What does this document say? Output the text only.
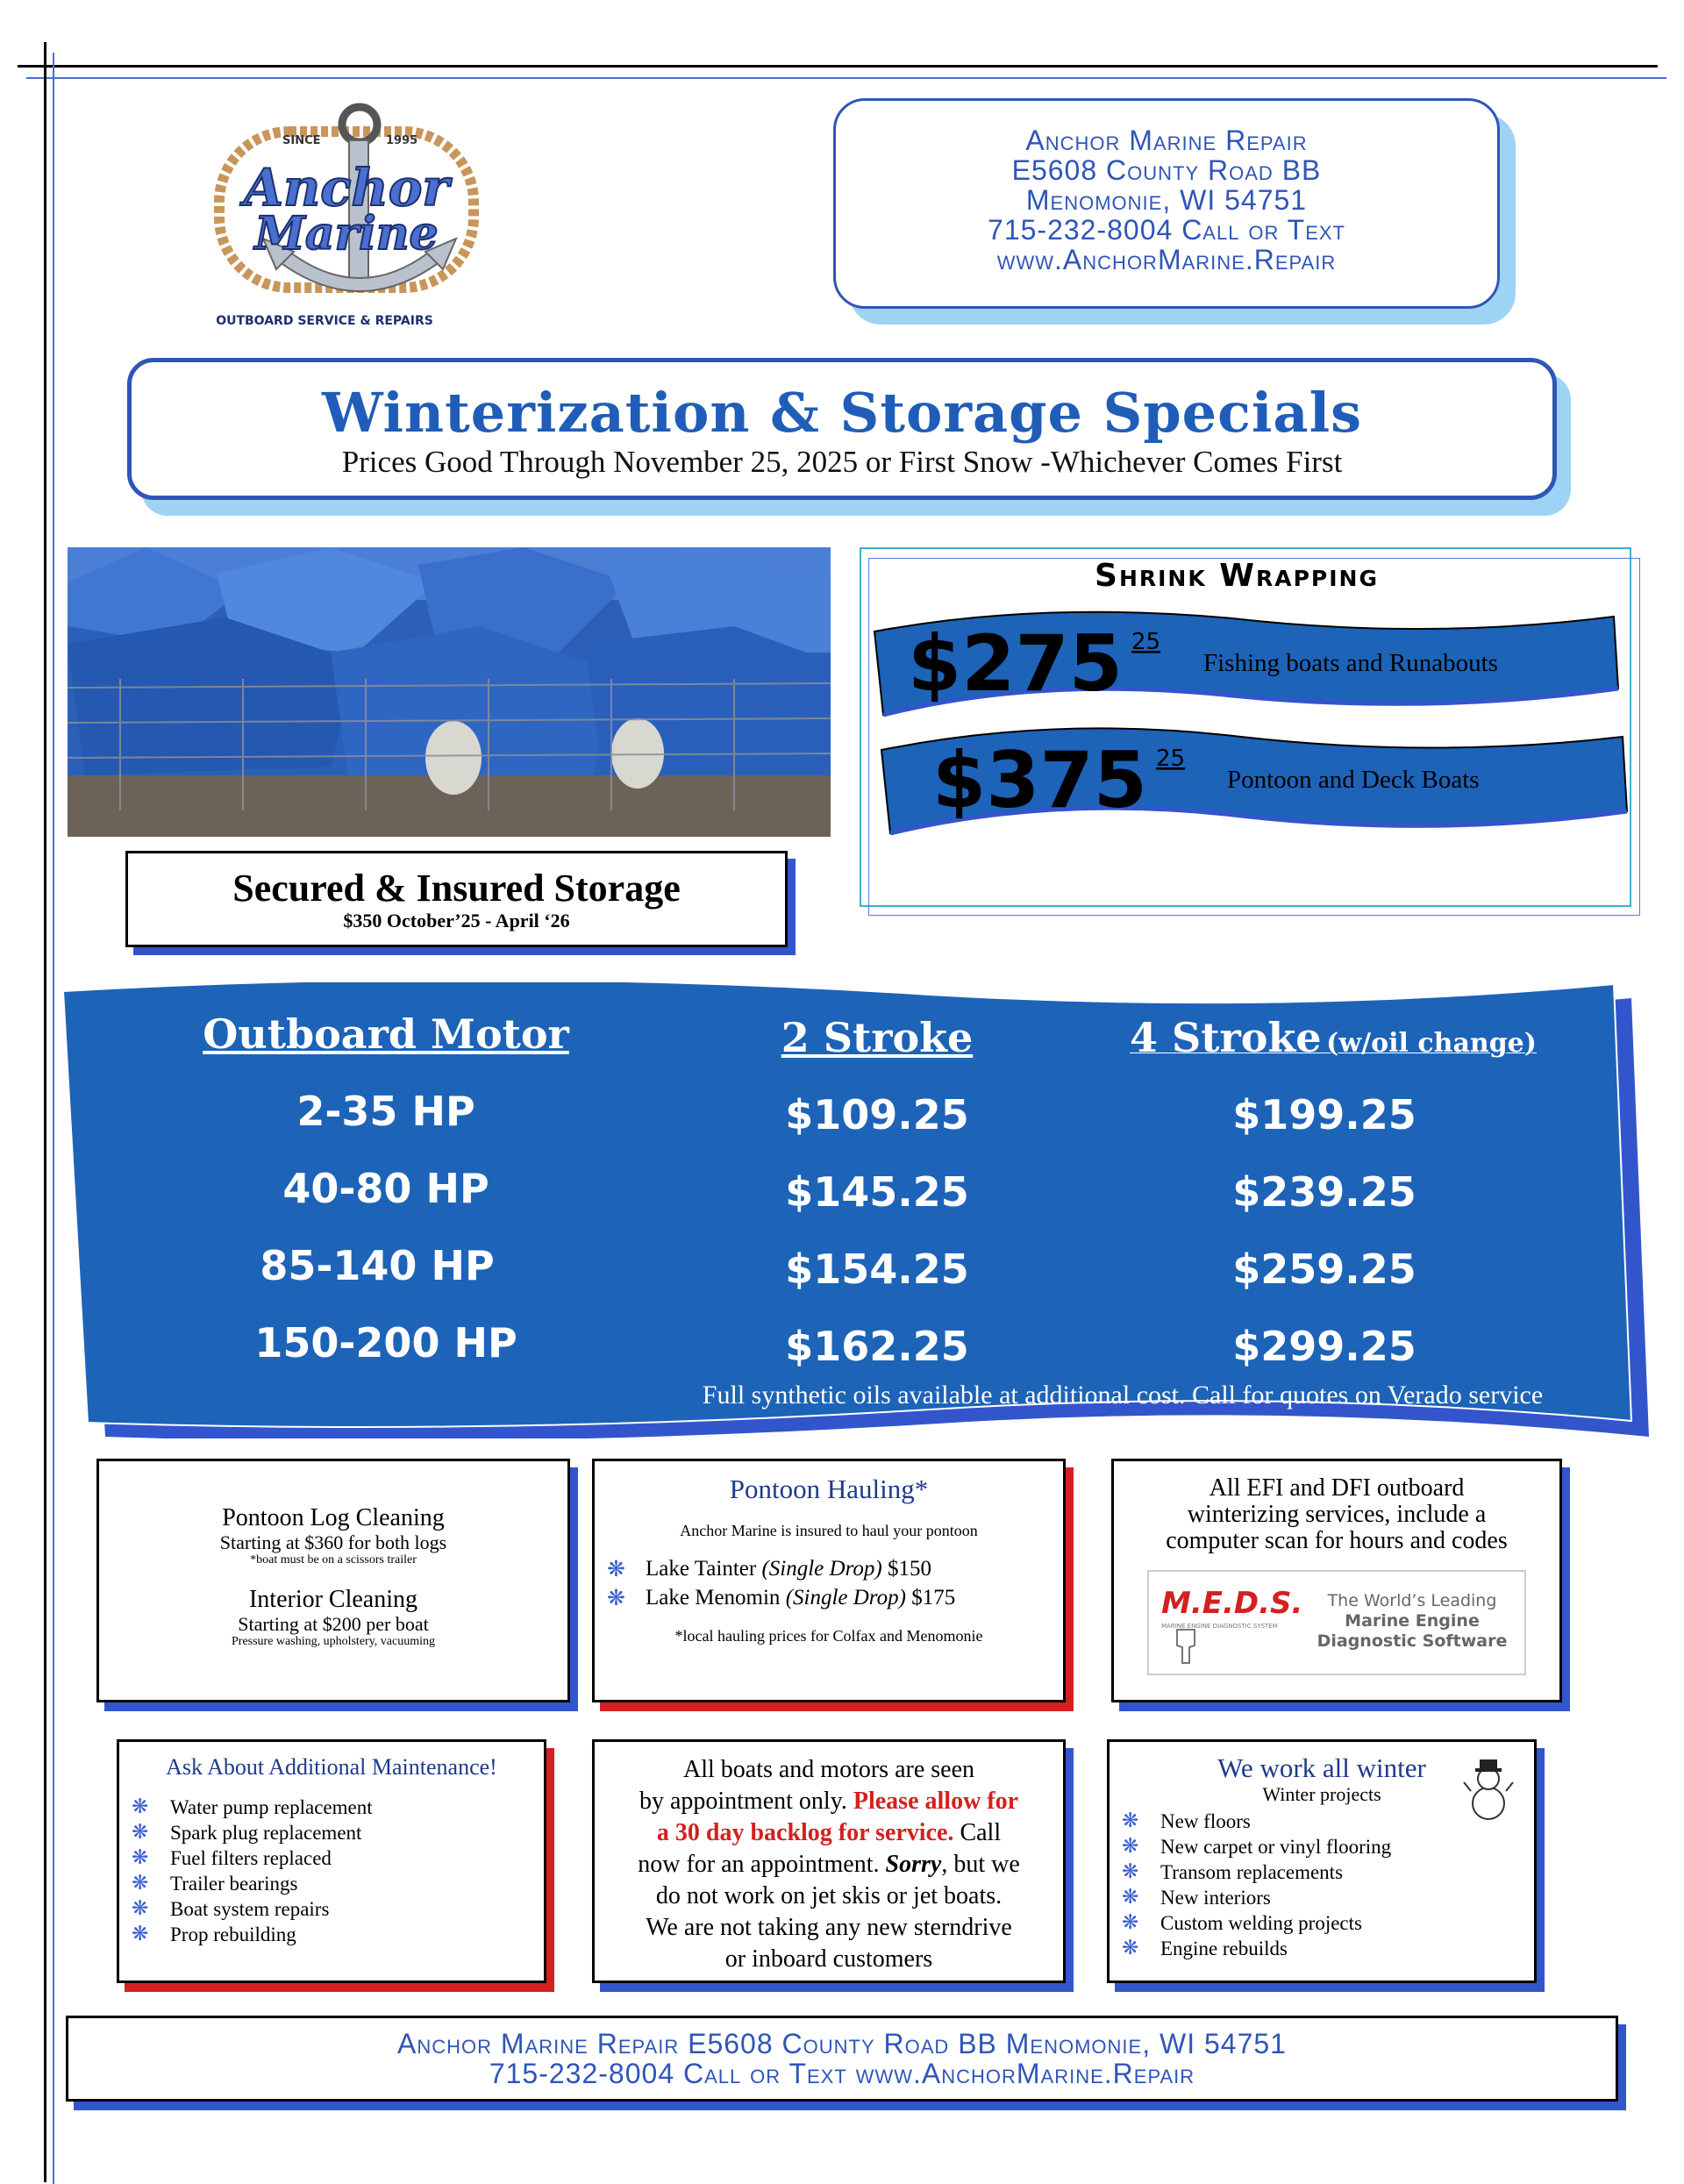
SINCE	1995
Anchor
Marine
OUTBOARD SERVICE & REPAIRS
Anchor Marine Repair
E5608 County Road BB
Menomonie, WI 54751
715-232-8004 Call or Text
www.AnchorMarine.Repair
Winterization & Storage Specials
Prices Good Through November 25, 2025 or First Snow -Whichever Comes First
Shrink Wrapping
$275 25
Fishing boats and Runabouts
$375 25
Pontoon and Deck Boats
Secured & Insured Storage
$350 October’25 - April ‘26
Outboard Motor	2 Stroke	4 Stroke (w/oil change)
2-35 HP	$109.25	$199.25
40-80 HP	$145.25	$239.25
85-140 HP	$154.25	$259.25
150-200 HP	$162.25	$299.25
Full synthetic oils available at additional cost. Call for quotes on Verado service
Pontoon Log Cleaning
Starting at $360 for both logs
*boat must be on a scissors trailer
Interior Cleaning
Starting at $200 per boat
Pressure washing, upholstery, vacuuming
Pontoon Hauling*
Anchor Marine is insured to haul your pontoon
❋ Lake Tainter (Single Drop) $150
❋ Lake Menomin (Single Drop) $175
*local hauling prices for Colfax and Menomonie
All EFI and DFI outboard
winterizing services, include a
computer scan for hours and codes
M.E.D.S.
MARINE ENGINE DIAGNOSTIC SYSTEM
The World’s Leading
Marine Engine
Diagnostic Software
Ask About Additional Maintenance!
❋ Water pump replacement
❋ Spark plug replacement
❋ Fuel filters replaced
❋ Trailer bearings
❋ Boat system repairs
❋ Prop rebuilding
All boats and motors are seen
by appointment only. Please allow for
a 30 day backlog for service. Call
now for an appointment. Sorry, but we
do not work on jet skis or jet boats.
We are not taking any new sterndrive
or inboard customers
We work all winter
Winter projects
❋ New floors
❋ New carpet or vinyl flooring
❋ Transom replacements
❋ New interiors
❋ Custom welding projects
❋ Engine rebuilds
Anchor Marine Repair E5608 County Road BB Menomonie, WI 54751
715-232-8004 Call or Text www.AnchorMarine.Repair
